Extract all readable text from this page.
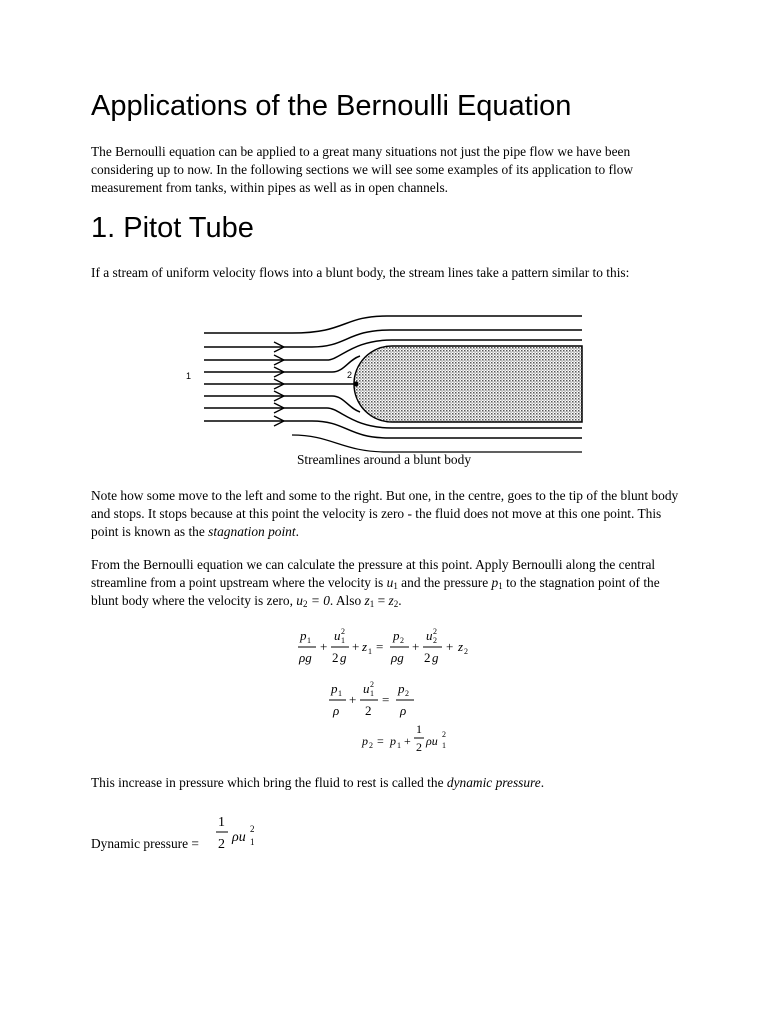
Applications of the Bernoulli Equation

The Bernoulli equation can be applied to a great many situations not just the pipe flow we have been considering up to now. In the following sections we will see some examples of its application to flow measurement from tanks, within pipes as well as in open channels.

1. Pitot Tube

If a stream of uniform velocity flows into a blunt body, the stream lines take a pattern similar to this:

Note how some move to the left and some to the right. But one, in the centre, goes to the tip of the blunt body and stops. It stops because at this point the velocity is zero - the fluid does not move at this one point. This point is known as the stagnation point.

From the Bernoulli equation we can calculate the pressure at this point. Apply Bernoulli along the central streamline from a point upstream where the velocity is $u_1$ and the pressure $p_1$ to the stagnation point of the blunt body where the velocity is zero, $u_2 = 0$. Also $z_1 = z_2$.

This increase in pressure which bring the fluid to rest is called the dynamic pressure.

1	2
Streamlines around a blunt body
p 1
ρg
+
u 2
1
2 g
+ z 1 =
p 2
ρg
+
u 2
2
2 g
+ z 2
p 1
ρ
+
u 2
1
2
=
p 2
ρ
p 2 = p 1 +
1
2 ρu 2
1
Dynamic pressure =
1
2 ρu
2
1
